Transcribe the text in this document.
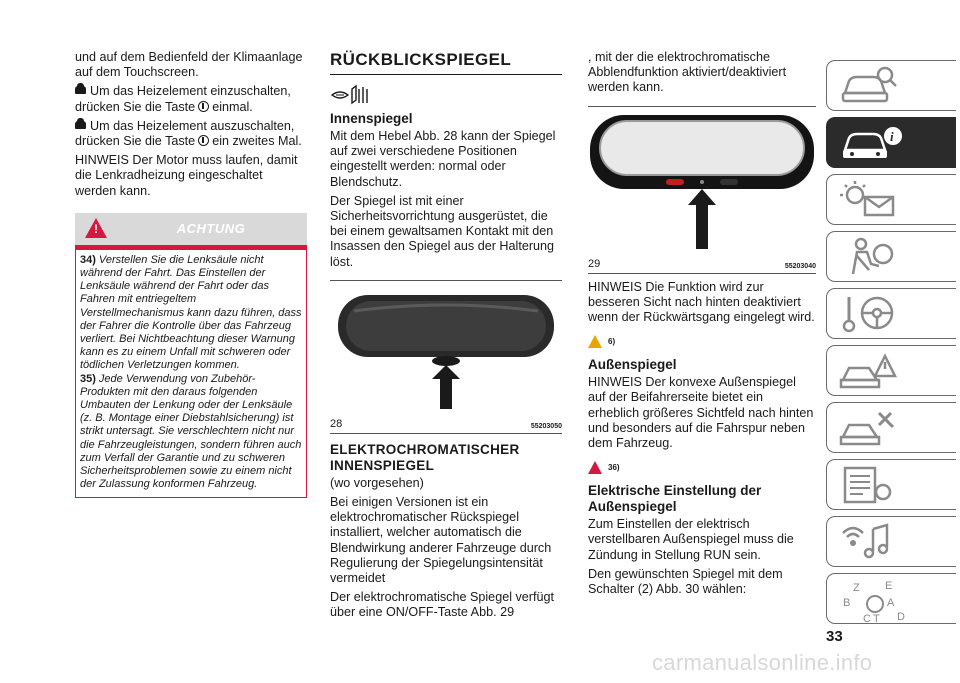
und auf dem Bedienfeld der Klimaanlage auf dem Touchscreen.

Um das Heizelement einzuschalten, drücken Sie die Taste einmal.

Um das Heizelement auszuschalten, drücken Sie die Taste ein zweites Mal.

HINWEIS Der Motor muss laufen, damit die Lenkradheizung eingeschaltet werden kann.

!
ACHTUNG

34) Verstellen Sie die Lenksäule nicht während der Fahrt. Das Einstellen der Lenksäule während der Fahrt oder das Fahren mit entriegeltem Verstellmechanismus kann dazu führen, dass der Fahrer die Kontrolle über das Fahrzeug verliert. Bei Nichtbeachtung dieser Warnung kann es zu einem Unfall mit schweren oder tödlichen Verletzungen kommen.

35) Jede Verwendung von Zubehör-Produkten mit den daraus folgenden Umbauten der Lenkung oder der Lenksäule (z. B. Montage einer Diebstahlsicherung) ist strikt untersagt. Sie verschlechtern nicht nur die Fahrzeugleistungen, sondern führen auch zum Verfall der Garantie und zu schweren Sicherheitsproblemen sowie zu einem nicht der Zulassung konformen Fahrzeug.

RÜCKBLICKSPIEGEL
Innenspiegel

Mit dem Hebel Abb. 28 kann der Spiegel auf zwei verschiedene Positionen eingestellt werden: normal oder Blendschutz.

Der Spiegel ist mit einer Sicherheitsvorrichtung ausgerüstet, die bei einem gewaltsamen Kontakt mit den Insassen den Spiegel aus der Halterung löst.

28	55203050
ELEKTROCHROMATISCHER INNENSPIEGEL

(wo vorgesehen)

Bei einigen Versionen ist ein elektrochromatischer Rückspiegel installiert, welcher automatisch die Blendwirkung anderer Fahrzeuge durch Regulierung der Spiegelungsintensität vermeidet

Der elektrochromatische Spiegel verfügt über eine ON/OFF-Taste Abb. 29

, mit der die elektrochromatische Abblendfunktion aktiviert/deaktiviert werden kann.

29	55203040

HINWEIS Die Funktion wird zur besseren Sicht nach hinten deaktiviert wenn der Rückwärtsgang eingelegt wird.

6)
Außenspiegel

HINWEIS Der konvexe Außenspiegel auf der Beifahrerseite bietet ein erheblich größeres Sichtfeld nach hinten und besonders auf die Fahrspur neben dem Fahrzeug.

36)
Elektrische Einstellung der Außenspiegel

Zum Einstellen der elektrisch verstellbaren Außenspiegel muss die Zündung in Stellung RUN sein.

Den gewünschten Spiegel mit dem Schalter (2) Abb. 30 wählen:

i
Z E
B	A
C T D
33
carmanualsonline.info
